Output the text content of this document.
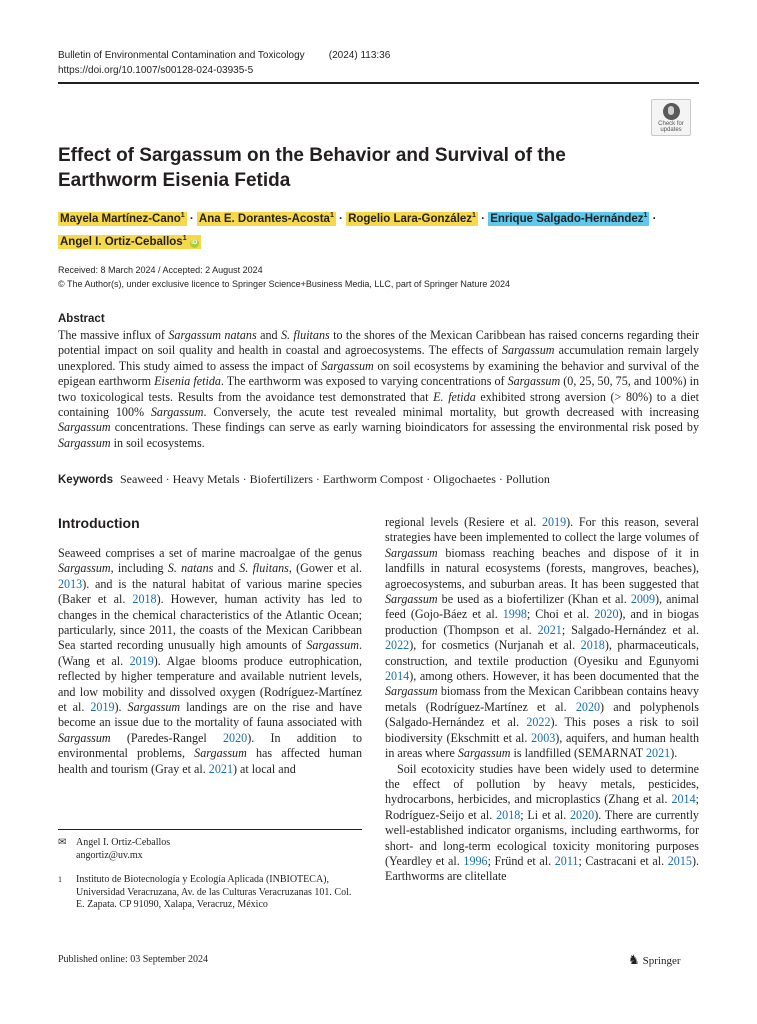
Bulletin of Environmental Contamination and Toxicology (2024) 113:36
https://doi.org/10.1007/s00128-024-03935-5
Check for
updates
Effect of Sargassum on the Behavior and Survival of the Earthworm Eisenia Fetida
Mayela Martínez‑Cano$^1$ · Ana E. Dorantes‑Acosta$^1$ · Rogelio Lara‑González$^1$ · Enrique Salgado‑Hernández$^1$ ·
Angel I. Ortiz‑Ceballos$^1$ iD
Received: 8 March 2024 / Accepted: 2 August 2024
© The Author(s), under exclusive licence to Springer Science+Business Media, LLC, part of Springer Nature 2024
Abstract
The massive influx of Sargassum natans and S. fluitans to the shores of the Mexican Caribbean has raised concerns regarding their potential impact on soil quality and health in coastal and agroecosystems. The effects of Sargassum accumulation remain largely unexplored. This study aimed to assess the impact of Sargassum on soil ecosystems by examining the behavior and survival of the epigean earthworm Eisenia fetida. The earthworm was exposed to varying concentrations of Sargassum (0, 25, 50, 75, and 100%) in two toxicological tests. Results from the avoidance test demonstrated that E. fetida exhibited strong aversion (> 80%) to a diet containing 100% Sargassum. Conversely, the acute test revealed minimal mortality, but growth decreased with increasing Sargassum concentrations. These findings can serve as early warning bioindicators for assessing the environmental risk posed by Sargassum in soil ecosystems.
Keywords Seaweed · Heavy Metals · Biofertilizers · Earthworm Compost · Oligochaetes · Pollution
Introduction

Seaweed comprises a set of marine macroalgae of the genus Sargassum, including S. natans and S. fluitans, (Gower et al. 2013). and is the natural habitat of various marine species (Baker et al. 2018). However, human activity has led to changes in the chemical characteristics of the Atlantic Ocean; particularly, since 2011, the coasts of the Mexican Caribbean Sea started recording unusually high amounts of Sargassum. (Wang et al. 2019). Algae blooms produce eutrophication, reflected by higher temperature and available nutrient levels, and low mobility and dissolved oxygen (Rodríguez-Martínez et al. 2019). Sargassum landings are on the rise and have become an issue due to the mortality of fauna associated with Sargassum (Paredes-Rangel 2020). In addition to environmental problems, Sargassum has affected human health and tourism (Gray et al. 2021) at local and

regional levels (Resiere et al. 2019). For this reason, several strategies have been implemented to collect the large volumes of Sargassum biomass reaching beaches and dispose of it in landfills in natural ecosystems (forests, mangroves, beaches), agroecosystems, and suburban areas. It has been suggested that Sargassum be used as a biofertilizer (Khan et al. 2009), animal feed (Gojo-Báez et al. 1998; Choi et al. 2020), and in biogas production (Thompson et al. 2021; Salgado-Hernández et al. 2022), for cosmetics (Nurjanah et al. 2018), pharmaceuticals, construction, and textile production (Oyesiku and Egunyomi 2014), among others. However, it has been documented that the Sargassum biomass from the Mexican Caribbean contains heavy metals (Rodríguez-Martínez et al. 2020) and polyphenols (Salgado-Hernández et al. 2022). This poses a risk to soil biodiversity (Ekschmitt et al. 2003), aquifers, and human health in areas where Sargassum is landfilled (SEMARNAT 2021).

Soil ecotoxicity studies have been widely used to determine the effect of pollution by heavy metals, pesticides, hydrocarbons, herbicides, and microplastics (Zhang et al. 2014; Rodríguez-Seijo et al. 2018; Li et al. 2020). There are currently well-established indicator organisms, including earthworms, for short- and long-term ecological toxicity monitoring purposes (Yeardley et al. 1996; Fründ et al. 2011; Castracani et al. 2015). Earthworms are clitellate

✉ Angel I. Ortiz-Ceballos
angortiz@uv.mx
1 Instituto de Biotecnología y Ecología Aplicada (INBIOTECA), Universidad Veracruzana, Av. de las Culturas Veracruzanas 101. Col. E. Zapata. CP 91090, Xalapa, Veracruz, México
Published online: 03 September 2024	♞ Springer
